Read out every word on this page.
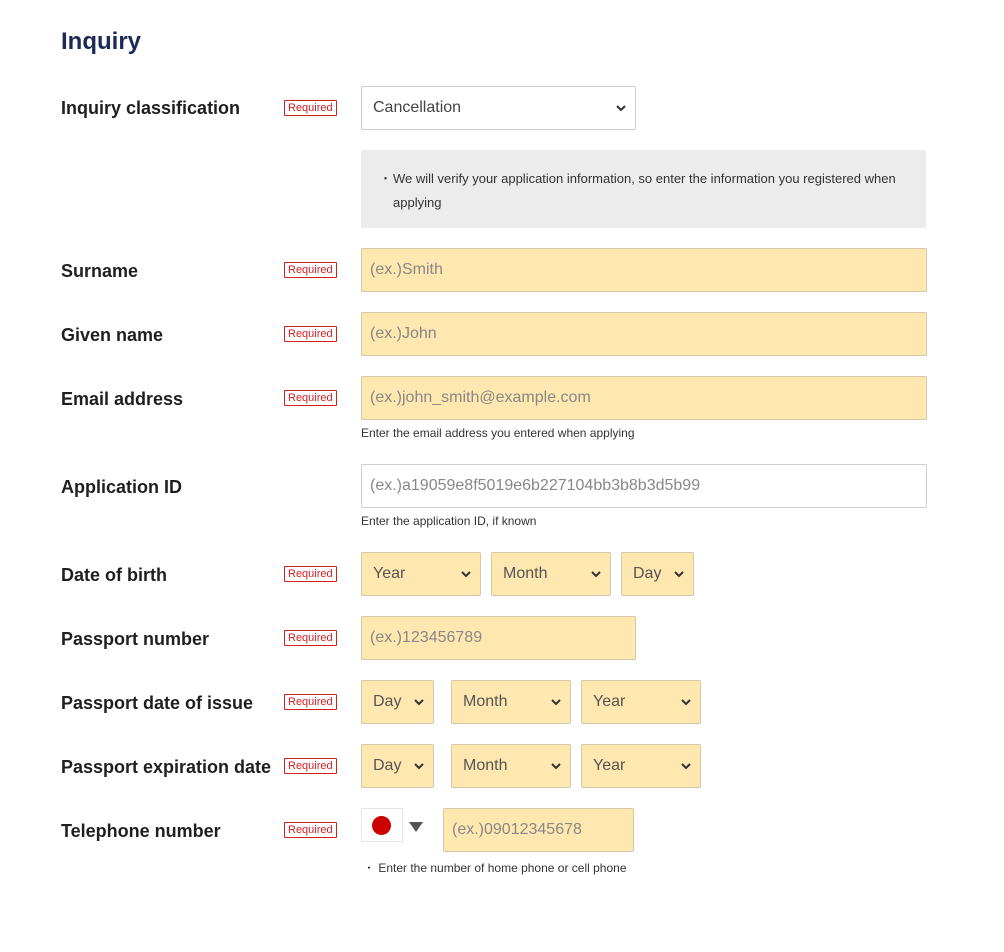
Inquiry
Inquiry classification	Required	Cancellation
・ We will verify your application information, so enter the information you registered when applying
Surname	Required	(ex.)Smith
Given name	Required	(ex.)John
Email address	Required	(ex.)john_smith@example.com
Enter the email address you entered when applying
Application ID	(ex.)a19059e8f5019e6b227104bb3b8b3d5b99
Enter the application ID, if known
Date of birth	Required	Year	Month	Day
Passport number	Required	(ex.)123456789
Passport date of issue	Required	Day	Month	Year
Passport expiration date	Required	Day	Month	Year
Telephone number	Required	(ex.)09012345678
・ Enter the number of home phone or cell phone
